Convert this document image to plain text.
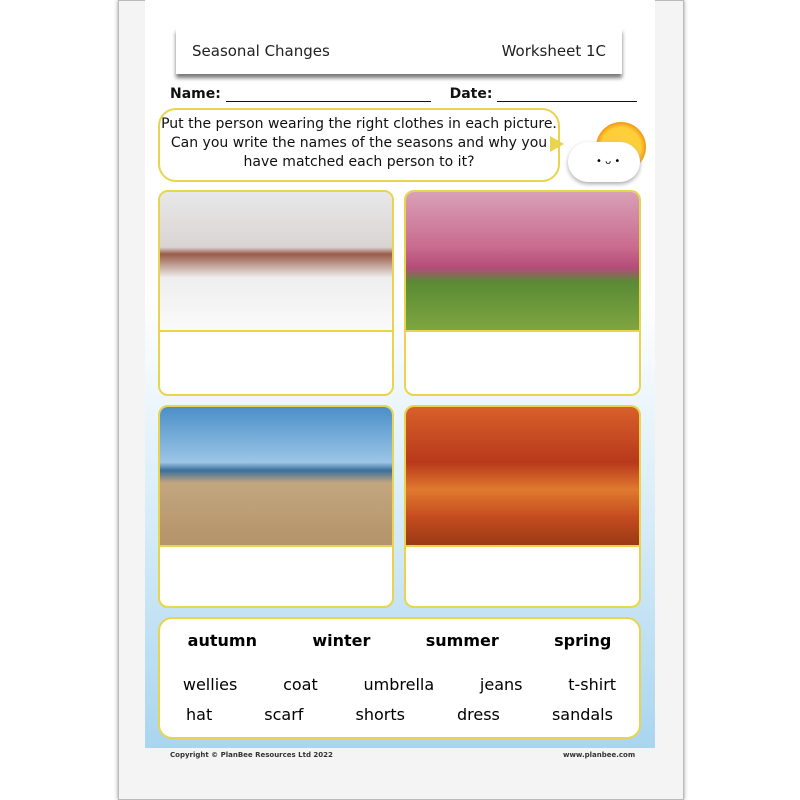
Seasonal Changes	Worksheet 1C
Name:	Date:
Put the person wearing the right clothes in each picture. Can you write the names of the seasons and why you have matched each person to it?	• ᴗ •
autumn	winter	summer	spring
wellies	coat	umbrella	jeans	t-shirt
hat	scarf	shorts	dress	sandals
Copyright © PlanBee Resources Ltd 2022	www.planbee.com
